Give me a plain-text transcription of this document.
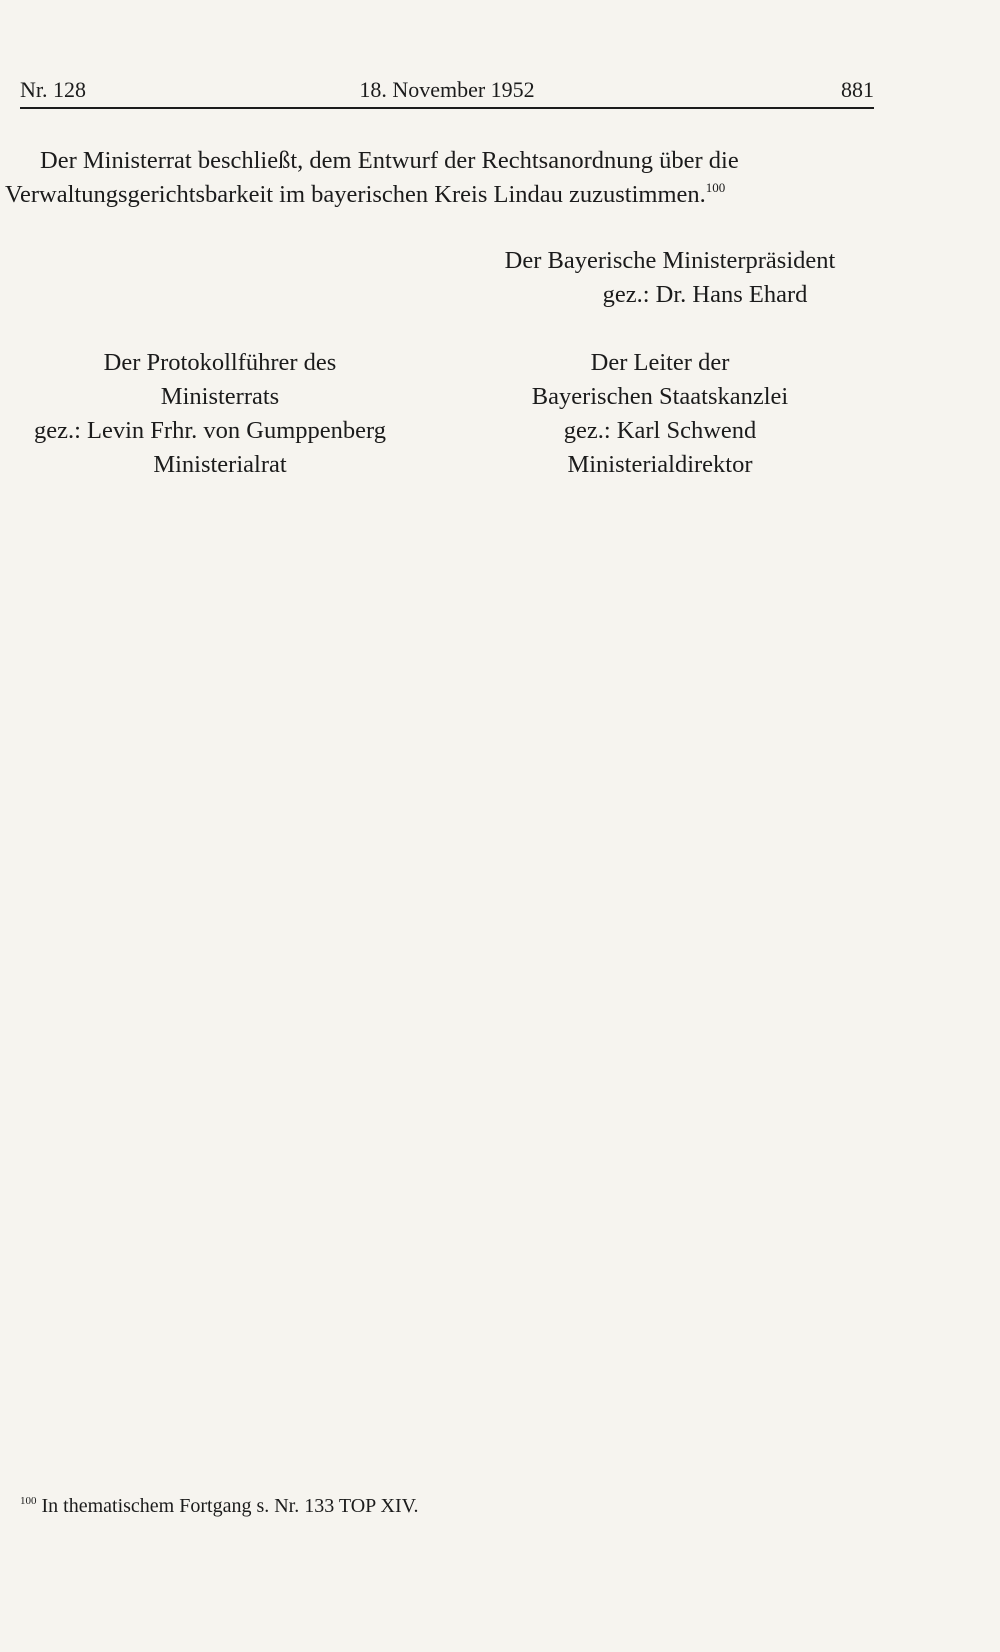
Nr. 128	18. November 1952	881
Der Ministerrat beschließt, dem Entwurf der Rechtsanordnung über die
Verwaltungsgerichtsbarkeit im bayerischen Kreis Lindau zuzustimmen.$^{100}$
Der Bayerische Ministerpräsident
gez.: Dr. Hans Ehard
Der Protokollführer des
Ministerrats
gez.: Levin Frhr. von Gumppenberg
Ministerialrat
Der Leiter der
Bayerischen Staatskanzlei
gez.: Karl Schwend
Ministerialdirektor
$^{100}$ In thematischem Fortgang s. Nr. 133 TOP XIV.
